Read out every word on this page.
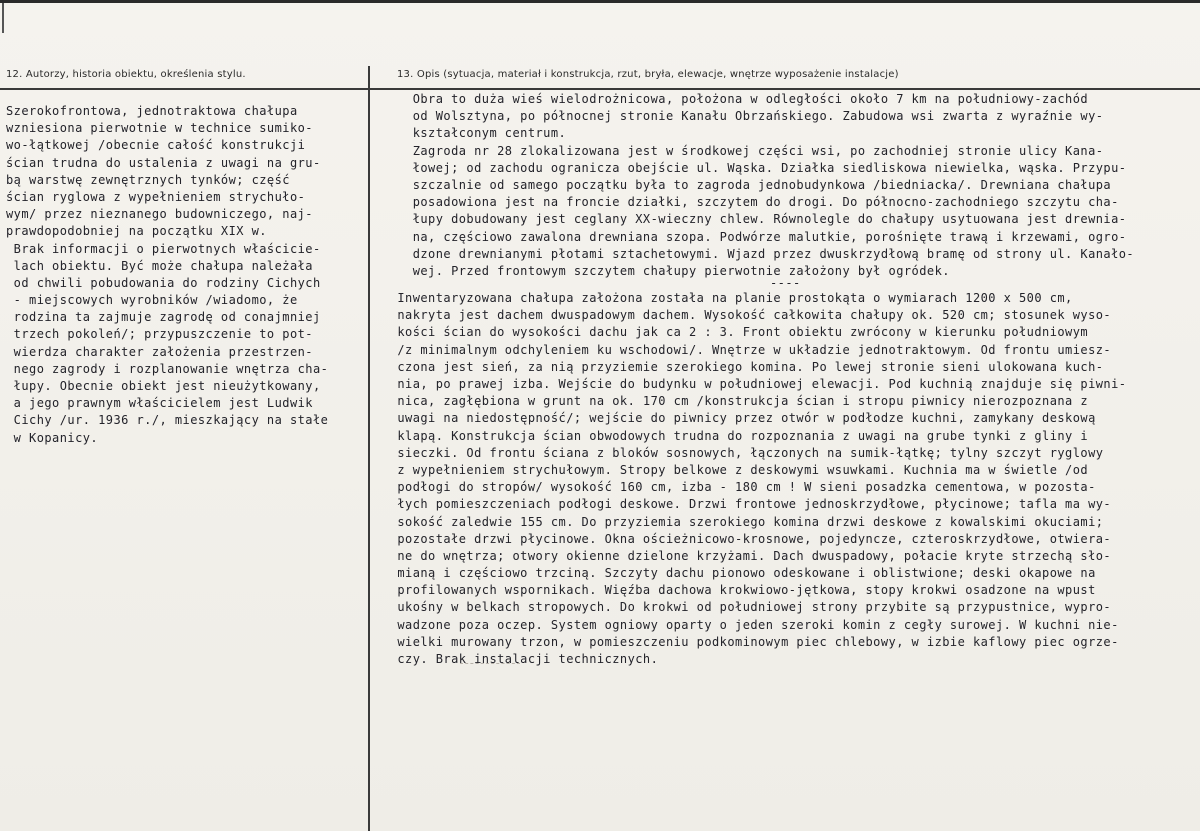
12. Autorzy, historia obiektu, określenia stylu.	13. Opis (sytuacja, materiał i konstrukcja, rzut, bryła, elewacje, wnętrze wyposażenie instalacje)
Szerokofrontowa, jednotraktowa chałupa
wzniesiona pierwotnie w technice sumiko-
wo-łątkowej /obecnie całość konstrukcji
ścian trudna do ustalenia z uwagi na gru-
bą warstwę zewnętrznych tynków; część
ścian ryglowa z wypełnieniem strychuło-
wym/ przez nieznanego budowniczego, naj-
prawdopodobniej na początku XIX w.
Brak informacji o pierwotnych właścicie-
lach obiektu. Być może chałupa należała
od chwili pobudowania do rodziny Cichych
- miejscowych wyrobników /wiadomo, że
rodzina ta zajmuje zagrodę od conajmniej
trzech pokoleń/; przypuszczenie to pot-
wierdza charakter założenia przestrzen-
nego zagrody i rozplanowanie wnętrza cha-
łupy. Obecnie obiekt jest nieużytkowany,
a jego prawnym właścicielem jest Ludwik
Cichy /ur. 1936 r./, mieszkający na stałe
w Kopanicy.
Obra to duża wieś wielodrożnicowa, położona w odległości około 7 km na południowy-zachód
od Wolsztyna, po północnej stronie Kanału Obrzańskiego. Zabudowa wsi zwarta z wyraźnie wy-
kształconym centrum.
Zagroda nr 28 zlokalizowana jest w środkowej części wsi, po zachodniej stronie ulicy Kana-
łowej; od zachodu ogranicza obejście ul. Wąska. Działka siedliskowa niewielka, wąska. Przypu-
szczalnie od samego początku była to zagroda jednobudynkowa /biedniacka/. Drewniana chałupa
posadowiona jest na froncie działki, szczytem do drogi. Do północno-zachodniego szczytu cha-
łupy dobudowany jest ceglany XX-wieczny chlew. Równolegle do chałupy usytuowana jest drewnia-
na, częściowo zawalona drewniana szopa. Podwórze malutkie, porośnięte trawą i krzewami, ogro-
dzone drewnianymi płotami sztachetowymi. Wjazd przez dwuskrzydłową bramę od strony ul. Kanało-
wej. Przed frontowym szczytem chałupy pierwotnie założony był ogródek.
----
Inwentaryzowana chałupa założona została na planie prostokąta o wymiarach 1200 x 500 cm,
nakryta jest dachem dwuspadowym dachem. Wysokość całkowita chałupy ok. 520 cm; stosunek wyso-
kości ścian do wysokości dachu jak ca 2 : 3. Front obiektu zwrócony w kierunku południowym
/z minimalnym odchyleniem ku wschodowi/. Wnętrze w układzie jednotraktowym. Od frontu umiesz-
czona jest sień, za nią przyziemie szerokiego komina. Po lewej stronie sieni ulokowana kuch-
nia, po prawej izba. Wejście do budynku w południowej elewacji. Pod kuchnią znajduje się piwni-
nica, zagłębiona w grunt na ok. 170 cm /konstrukcja ścian i stropu piwnicy nierozpoznana z
uwagi na niedostępność/; wejście do piwnicy przez otwór w podłodze kuchni, zamykany deskową
klapą. Konstrukcja ścian obwodowych trudna do rozpoznania z uwagi na grube tynki z gliny i
sieczki. Od frontu ściana z bloków sosnowych, łączonych na sumik-łątkę; tylny szczyt ryglowy
z wypełnieniem strychułowym. Stropy belkowe z deskowymi wsuwkami. Kuchnia ma w świetle /od
podłogi do stropów/ wysokość 160 cm, izba - 180 cm ! W sieni posadzka cementowa, w pozosta-
łych pomieszczeniach podłogi deskowe. Drzwi frontowe jednoskrzydłowe, płycinowe; tafla ma wy-
sokość zaledwie 155 cm. Do przyziemia szerokiego komina drzwi deskowe z kowalskimi okuciami;
pozostałe drzwi płycinowe. Okna ościeżnicowo-krosnowe, pojedyncze, czteroskrzydłowe, otwiera-
ne do wnętrza; otwory okienne dzielone krzyżami. Dach dwuspadowy, połacie kryte strzechą sło-
mianą i częściowo trzciną. Szczyty dachu pionowo odeskowane i oblistwione; deski okapowe na
profilowanych wspornikach. Więźba dachowa krokwiowo-jętkowa, stopy krokwi osadzone na wpust
ukośny w belkach stropowych. Do krokwi od południowej strony przybite są przypustnice, wypro-
wadzone poza oczep. System ogniowy oparty o jeden szeroki komin z cegły surowej. W kuchni nie-
wielki murowany trzon, w pomieszczeniu podkominowym piec chlebowy, w izbie kaflowy piec ogrze-
czy. Brak instalacji technicznych.
